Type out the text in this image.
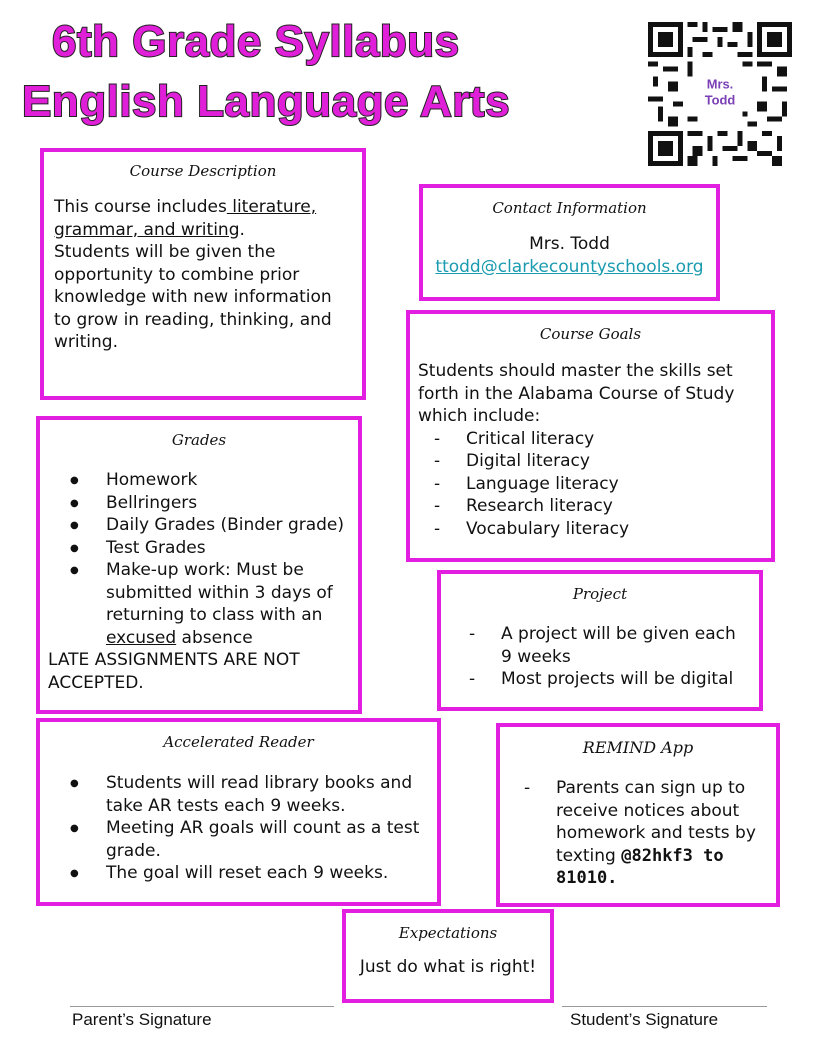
6th Grade Syllabus
English Language Arts	Mrs.
Todd
Course Description
This course includes literature, grammar, and writing.
Students will be given the opportunity to combine prior knowledge with new information to grow in reading, thinking, and writing.
Contact Information
Mrs. Todd
ttodd@clarkecountyschools.org
Course Goals
Students should master the skills set forth in the Alabama Course of Study which include:
- Critical literacy
- Digital literacy
- Language literacy
- Research literacy
- Vocabulary literacy
Grades
● Homework
● Bellringers
● Daily Grades (Binder grade)
● Test Grades
● Make-up work: Must be submitted within 3 days of returning to class with an excused absence
LATE ASSIGNMENTS ARE NOT ACCEPTED.
Project
- A project will be given each 9 weeks
- Most projects will be digital
Accelerated Reader
● Students will read library books and take AR tests each 9 weeks.
● Meeting AR goals will count as a test grade.
● The goal will reset each 9 weeks.
REMIND App
- Parents can sign up to receive notices about homework and tests by texting @82hkf3 to 81010.
Expectations
Just do what is right!
Parent’s Signature	Student’s Signature
